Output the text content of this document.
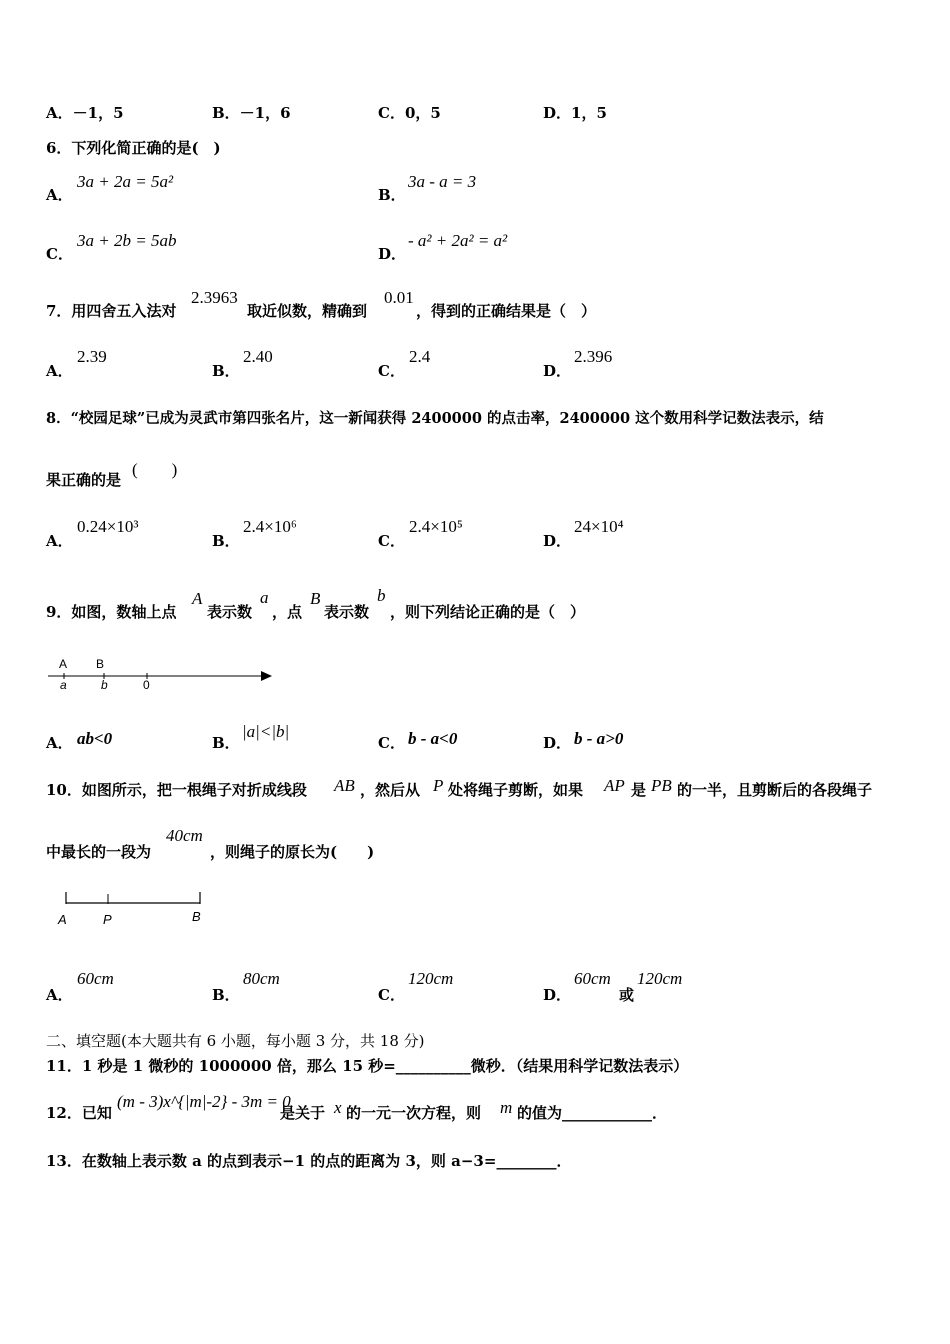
A．－1，5	B．－1，6	C．0，5	D．1，5
6．下列化简正确的是(　)
A．
3a + 2a = 5a²
B．
3a - a = 3
C．
3a + 2b = 5ab
D．
- a² + 2a² = a²
7．用四舍五入法对
2.3963
取近似数，精确到
0.01
，得到的正确结果是（　）
A．
2.39
B．
2.40
C．
2.4
D．
2.396
8．“校园足球”已成为灵武市第四张名片，这一新闻获得 2400000 的点击率，2400000 这个数用科学记数法表示，结
果正确的是
(　　)
A．
0.24×10³
B．
2.4×10⁶
C．
2.4×10⁵
D．
24×10⁴
9．如图，数轴上点
A
表示数
a
，点
B
表示数
b
，则下列结论正确的是（　）
A B
a	b	0
A． ab<0	B．
|a|<|b|
C． b - a<0	D． b - a>0
10．如图所示，把一根绳子对折成线段 AB ，然后从 P 处将绳子剪断，如果 AP 是 PB 的一半，且剪断后的各段绳子
中最长的一段为
40cm
，则绳子的原长为(　　)
A	P	B
A．
60cm
B．
80cm
C．
120cm
D．
60cm
或
120cm
二、填空题(本大题共有 6 小题，每小题 3 分，共 18 分)
11．1 秒是 1 微秒的 1000000 倍，那么 15 秒=__________微秒．（结果用科学记数法表示）
12．已知
(m - 3)x^{|m|-2} - 3m = 0
是关于 x 的一元一次方程，则 m 的值为____________．
13．在数轴上表示数 a 的点到表示−1 的点的距离为 3，则 a−3=________．
